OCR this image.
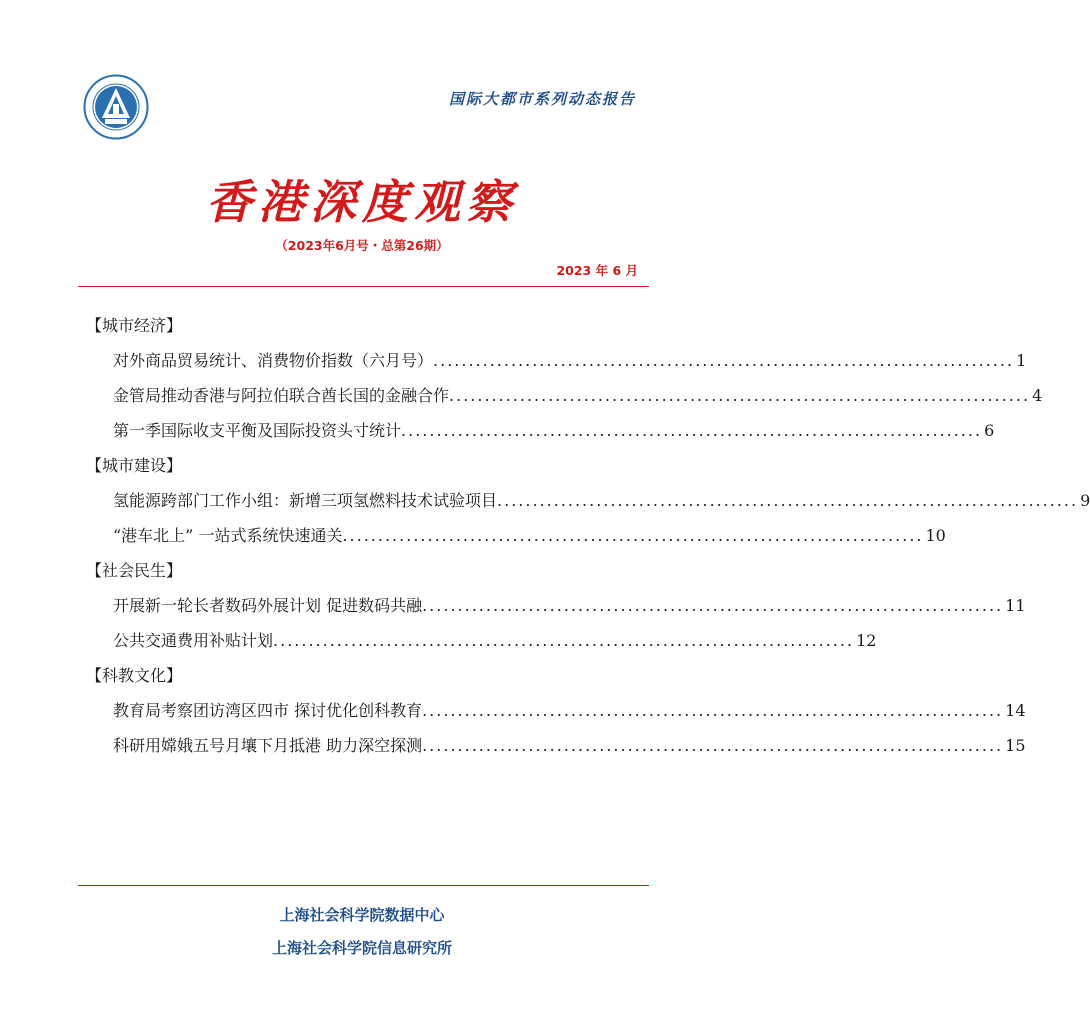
国际大都市系列动态报告
香港深度观察
（2023年6月号・总第26期）
2023 年 6 月
【城市经济】
对外商品贸易统计、消费物价指数（六月号） .................................................................................. 1
金管局推动香港与阿拉伯联合酋长国的金融合作 .................................................................................. 4
第一季国际收支平衡及国际投资头寸统计 .................................................................................. 6
【城市建设】
氢能源跨部门工作小组：新增三项氢燃料技术试验项目 .................................................................................. 9
“港车北上” 一站式系统快速通关 .................................................................................. 10
【社会民生】
开展新一轮长者数码外展计划 促进数码共融 .................................................................................. 11
公共交通费用补贴计划 .................................................................................. 12
【科教文化】
教育局考察团访湾区四市 探讨优化创科教育 .................................................................................. 14
科研用嫦娥五号月壤下月抵港 助力深空探测 .................................................................................. 15
上海社会科学院数据中心
上海社会科学院信息研究所
